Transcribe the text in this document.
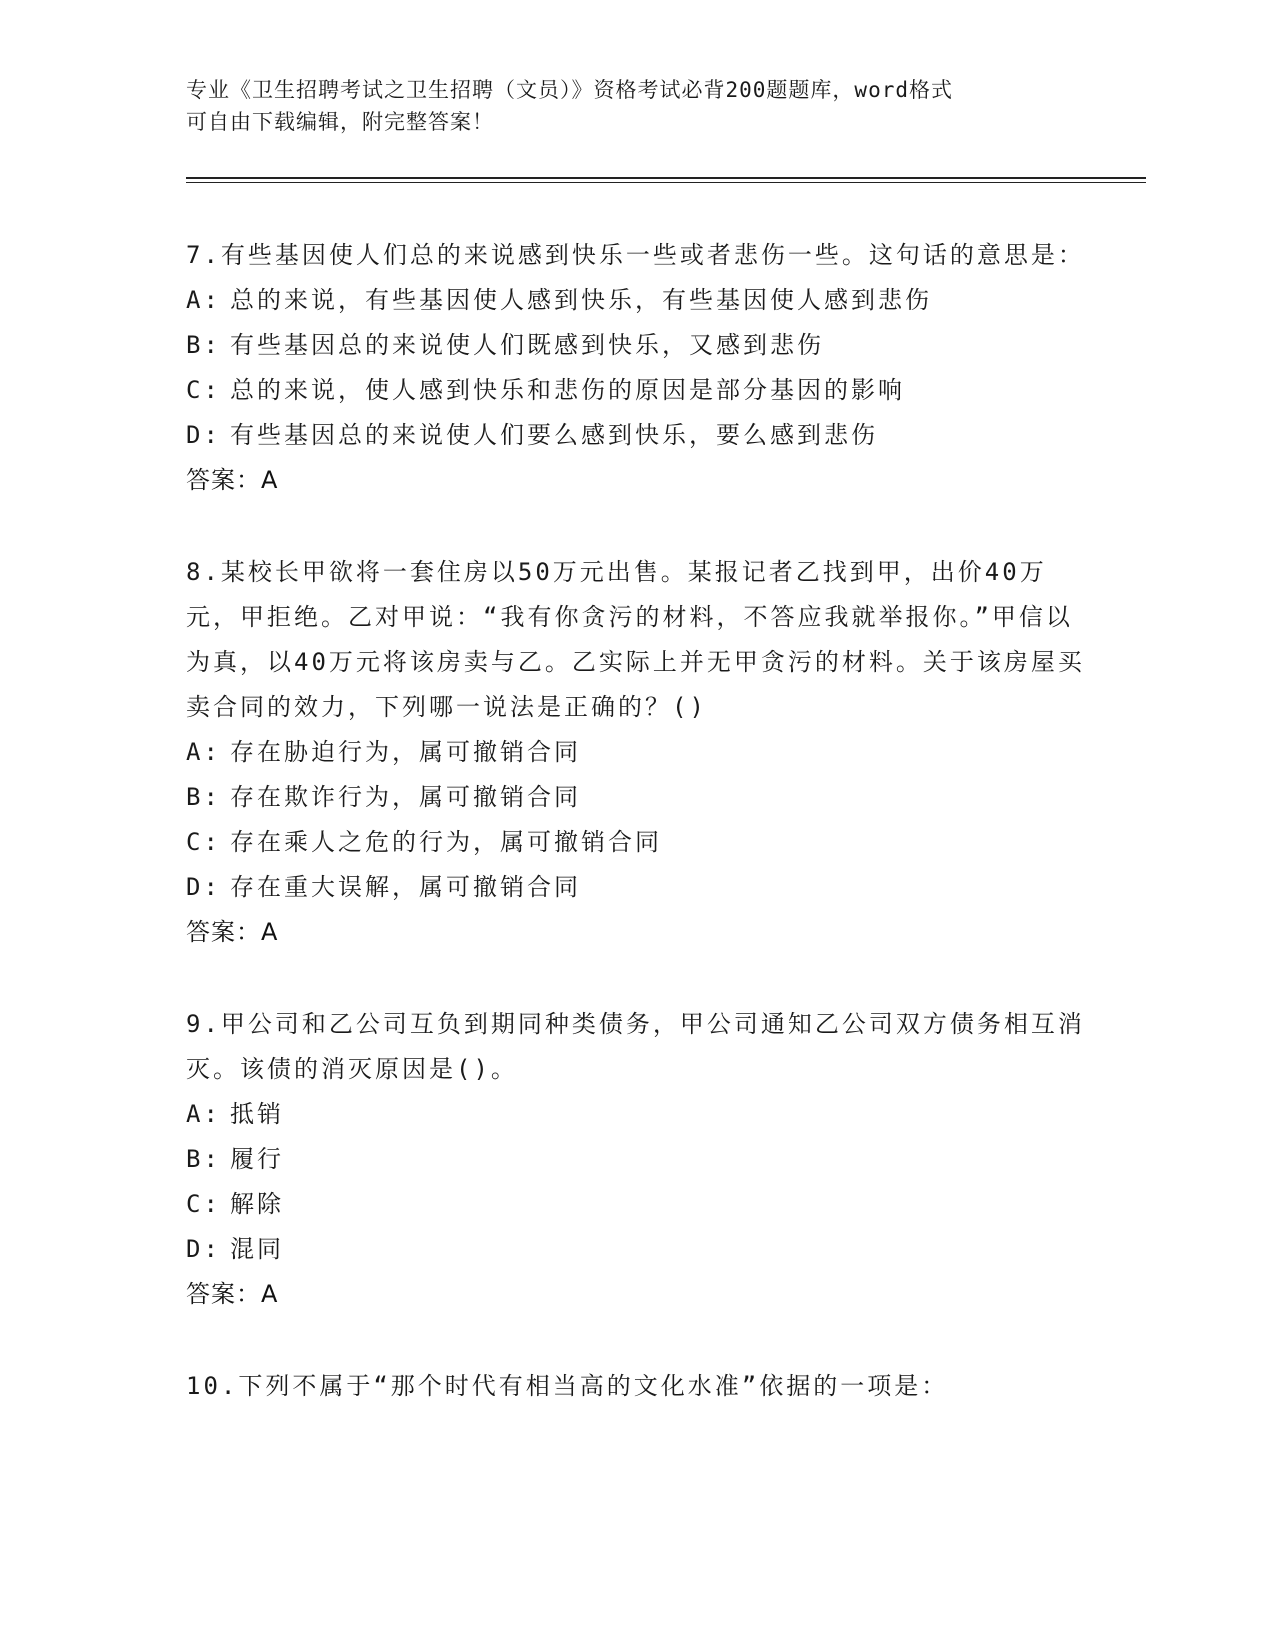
专业《卫生招聘考试之卫生招聘（文员）》资格考试必背200题题库，word格式
可自由下载编辑，附完整答案！
7.有些基因使人们总的来说感到快乐一些或者悲伤一些。这句话的意思是：
A: 总的来说，有些基因使人感到快乐，有些基因使人感到悲伤
B: 有些基因总的来说使人们既感到快乐，又感到悲伤
C: 总的来说，使人感到快乐和悲伤的原因是部分基因的影响
D: 有些基因总的来说使人们要么感到快乐，要么感到悲伤
答案：A
8.某校长甲欲将一套住房以50万元出售。某报记者乙找到甲，出价40万元，甲拒绝。乙对甲说：“我有你贪污的材料，不答应我就举报你。”甲信以为真，以40万元将该房卖与乙。乙实际上并无甲贪污的材料。关于该房屋买卖合同的效力，下列哪一说法是正确的？()
A: 存在胁迫行为，属可撤销合同
B: 存在欺诈行为，属可撤销合同
C: 存在乘人之危的行为，属可撤销合同
D: 存在重大误解，属可撤销合同
答案：A
9.甲公司和乙公司互负到期同种类债务，甲公司通知乙公司双方债务相互消灭。该债的消灭原因是()。
A: 抵销
B: 履行
C: 解除
D: 混同
答案：A
10.下列不属于“那个时代有相当高的文化水准”依据的一项是：
